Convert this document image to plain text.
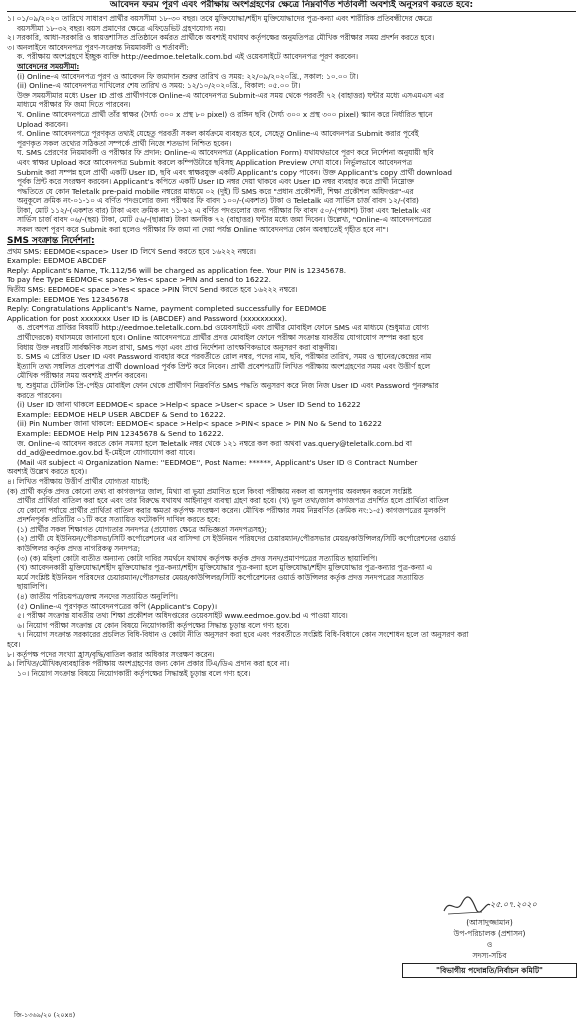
আবেদন ফরম পূরণ এবং পরীক্ষায় অংশগ্রহণের ক্ষেত্রে নিম্নবর্ণিত শর্তাবলী অবশ্যই অনুসরণ করতে হবে:
১। ০১/০৯/২০২০ তারিখে সাধারণ প্রার্থীর বয়সসীমা ১৮-৩০ বছর। তবে মুক্তিযোদ্ধা/শহীদ মুক্তিযোদ্ধাদের পুত্র-কন্যা এবং শারীরিক প্রতিবন্ধীদের ক্ষেত্রে
বয়সসীমা ১৮-৩২ বছর। বয়স প্রমাণের ক্ষেত্রে এফিডেভিট গ্রহণযোগ্য নয়।
২। সরকারি, আধা-সরকারি ও স্বায়ত্তশাসিত প্রতিষ্ঠানে কর্মরত প্রার্থীকে অবশ্যই যথাযথ কর্তৃপক্ষের অনুমতিপত্র মৌখিক পরীক্ষার সময় প্রদর্শন করতে হবে।
৩। অনলাইনে আবেদনপত্র পূরণ-সংক্রান্ত নিয়মাবলী ও শর্তাবলী:
ক. পরীক্ষায় অংশগ্রহণে ইচ্ছুক ব্যক্তি http://eedmoe.teletalk.com.bd এই ওয়েবসাইটে আবেদনপত্র পূরণ করবেন।
আবেদনের সময়সীমা:
(i) Online-এ আবেদনপত্র পূরণ ও আবেদন ফি জমাদান শুরুর তারিখ ও সময়: ২২/০৯/২০২০খ্রি., সকাল: ১০.০০ টা।
(ii) Online-এ আবেদনপত্র দাখিলের শেষ তারিখ ও সময়: ১২/১০/২০২০খ্রি., বিকাল: ০৫.০০ টা।
উক্ত সময়সীমার মধ্যে User ID প্রাপ্ত প্রার্থীগণকে Online-এ আবেদনপত্র Submit-এর সময় থেকে পরবর্তী ৭২ (বাহাত্তর) ঘন্টার মধ্যে এসএমএস এর
মাধ্যমে পরীক্ষার ফি জমা দিতে পারবেন।
খ. Online আবেদনপত্রে প্রার্থী তাঁর স্বাক্ষর (দৈর্ঘ্য ৩০০ x প্রস্থ ৮০ pixel) ও রঙ্গিন ছবি (দৈর্ঘ্য ৩০০ x প্রস্থ ৩০০ pixel) স্ক্যান করে নির্ধারিত স্থানে
Upload করবেন।
গ. Online আবেদনপত্রে পূরণকৃত তথ্যই যেহেতু পরবর্তী সকল কার্যক্রমে ব্যবহৃত হবে, সেহেতু Online-এ আবেদনপত্র Submit করার পূর্বেই
পূরণকৃত সকল তথ্যের সঠিকতা সম্পর্কে প্রার্থী নিজে শতভাগ নিশ্চিত হবেন।
ঘ. SMS প্রেরণের নিয়মাবলী ও পরীক্ষার ফি প্রদান: Online-এ আবেদনপত্র (Application Form) যথাযথভাবে পূরণ করে নির্দেশনা অনুযায়ী ছবি
এবং স্বাক্ষর Upload করে আবেদনপত্র Submit করলে কম্পিউটারে ছবিসহ Application Preview দেখা যাবে। নির্ভুলভাবে আবেদনপত্র
Submit করা সম্পন্ন হলে প্রার্থী একটি User ID, ছবি এবং স্বাক্ষরযুক্ত একটি Applicant's copy পাবেন। উক্ত Applicant's copy প্রার্থী download
পূর্বক প্রিন্ট করে সংরক্ষণ করবেন। Applicant's কপিতে একটি User ID নম্বর দেয়া থাকবে এবং User ID নম্বর ব্যবহার করে প্রার্থী নিম্নোক্ত
পদ্ধতিতে যে কোন Teletalk pre-paid mobile নম্বরের মাধ্যমে ০২ (দুই) টি SMS করে "প্রধান প্রকৌশলী, শিক্ষা প্রকৌশল অধিদপ্তর"-এর
অনুকূলে ক্রমিক নং-০১-১০ এ বর্ণিত পদগুলোর জন্য পরীক্ষার ফি বাবদ ১০০/-(একশত) টাকা ও Teletalk এর সার্ভিস চার্জ বাবদ ১২/-(বার)
টাকা, মোট ১১২/-(একশত বার) টাকা এবং ক্রমিক নং ১১-১২ এ বর্ণিত পদগুলোর জন্য পরীক্ষার ফি বাবদ ৫০/-(পঞ্চাশ) টাকা এবং Teletalk এর
সার্ভিস চার্জ বাবদ ০৬/-(ছয়) টাকা, মোট ৫৬/-(ছাপ্পান্ন) টাকা অনধিক ৭২ (বাহাত্তর) ঘন্টার মধ্যে জমা দিবেন। উল্লেখ্য, "Online-এ আবেদনপত্রের
সকল অংশ পূরণ করে Submit করা হলেও পরীক্ষার ফি জমা না দেয়া পর্যন্ত Online আবেদনপত্র কোন অবস্থাতেই গৃহীত হবে না"।
SMS সংক্রান্ত নির্দেশনা:
প্রথম SMS: EEDMOE<space> User ID লিখে Send করতে হবে ১৬২২২ নম্বরে।
Example: EEDMOE ABCDEF
Reply: Applicant's Name, Tk.112/56 will be charged as application fee. Your PIN is 12345678.
To pay fee Type EEDMOE< space >Yes< space >PIN and send to 16222.
দ্বিতীয় SMS: EEDMOE< space >Yes< space >PIN লিখে Send করতে হবে ১৬২২২ নম্বরে।
Example: EEDMOE Yes 12345678
Reply: Congratulations Applicant's Name, payment completed successfully for EEDMOE
Application for post xxxxxxx User ID is (ABCDEF) and Password (xxxxxxxxx).
ঙ. প্রবেশপত্র প্রাপ্তির বিষয়টি http://eedmoe.teletalk.com.bd ওয়েবসাইটে এবং প্রার্থীর মোবাইল ফোনে SMS এর মাধ্যমে (শুধুমাত্র যোগ্য
প্রার্থীদেরকে) যথাসময়ে জানানো হবে। Online আবেদনপত্রে প্রার্থীর প্রদত্ত মোবাইল ফোনে পরীক্ষা সংক্রান্ত যাবতীয় যোগাযোগ সম্পন্ন করা হবে
বিধায় উক্ত নম্বরটি সার্বক্ষণিক সচল রাখা, SMS পড়া এবং প্রাপ্ত নির্দেশনা তাৎক্ষণিকভাবে অনুসরণ করা বাঞ্ছনীয়।
চ. SMS এ প্রেরিত User ID এবং Password ব্যবহার করে পরবর্তীতে রোল নম্বর, পদের নাম, ছবি, পরীক্ষার তারিখ, সময় ও স্থানের/কেন্দ্রের নাম
ইত্যাদি তথ্য সম্বলিত প্রবেশপত্র প্রার্থী download পূর্বক প্রিন্ট করে নিবেন। প্রার্থী প্রবেশপত্রটি লিখিত পরীক্ষায় অংশগ্রহণের সময় এবং উত্তীর্ণ হলে
মৌখিক পরীক্ষার সময় অবশ্যই প্রদর্শন করবেন।
ছ. শুধুমাত্র টেলিটক প্রি-পেইড মোবাইল ফোন থেকে প্রার্থীগণ নিম্নবর্ণিত SMS পদ্ধতি অনুসরণ করে নিজ নিজ User ID এবং Password পুনরুদ্ধার
করতে পারবেন।
(i) User ID জানা থাকলে EEDMOE< space >Help< space >User< space > User ID Send to 16222
Example: EEDMOE HELP USER ABCDEF & Send to 16222.
(ii) Pin Number জানা থাকলে: EEDMOE< space >Help< space >PIN< space > PIN No & Send to 16222
Example: EEDMOE Help PIN 12345678 & Send to 16222.
জ. Online-এ আবেদন করতে কোন সমস্যা হলে Teletalk নম্বর থেকে ১২১ নম্বরে কল করা অথবা vas.query@teletalk.com.bd বা
dd_ad@eedmoe.gov.bd ই-মেইলে যোগাযোগ করা যাবে।
(Mail এর subject এ Organization Name: ''EEDMOE'', Post Name: ******, Applicant's User ID ও Contract Number
অবশ্যই উল্লেখ করতে হবে)।
৪। লিখিত পরীক্ষায় উত্তীর্ণ প্রার্থীর যোগ্যতা যাচাই:
(ক) প্রার্থী কর্তৃক প্রদত্ত কোনো তথ্য বা কাগজপত্র জাল, মিথ্যা বা ভুয়া প্রমাণিত হলে কিংবা পরীক্ষায় নকল বা অসদুপায় অবলম্বন করলে সংশ্লিষ্ট
প্রার্থীর প্রার্থিতা বাতিল করা হবে এবং তার বিরুদ্ধে যথাযথ আইনানুগ ব্যবস্থা গ্রহণ করা হবে। (খ) ভুল তথ্য/জাল কাগজপত্র প্রদর্শিত হলে প্রার্থিতা বাতিল
যে কোনো পর্যায়ে প্রার্থীর প্রার্থিতা বাতিল করার ক্ষমতা কর্তৃপক্ষ সংরক্ষণ করেন। মৌখিক পরীক্ষার সময় নিম্নবর্ণিত (ক্রমিক নং:১-৫) কাগজপত্রের মূলকপি
প্রদর্শনপূর্বক প্রতিটির ০১টি করে সত্যায়িত ফটোকপি দাখিল করতে হবে:
(১) প্রার্থীর সকল শিক্ষাগত যোগ্যতার সনদপত্র (প্রযোজ্য ক্ষেত্রে অভিজ্ঞতা সনদপত্রসহ);
(২) প্রার্থী যে ইউনিয়ন/পৌরসভা/সিটি কর্পোরেশনের এর বাসিন্দা সে ইউনিয়ন পরিষদের চেয়ারম্যান/পৌরসভার মেয়র/কাউন্সিলর/সিটি কর্পোরেশনের ওয়ার্ড
কাউন্সিলর কর্তৃক প্রদত্ত নাগরিকত্ব সনদপত্র;
(৩) (ক) মহিলা কোটা ব্যতীত অন্যান্য কোটা দাবির সমর্থনে যথাযথ কর্তৃপক্ষ কর্তৃক প্রদত্ত সনদ/প্রমাণপত্রের সত্যায়িত ছায়ালিপি।
(খ) আবেদনকারী মুক্তিযোদ্ধা/শহীদ মুক্তিযোদ্ধার পুত্র-কন্যা/শহীদ মুক্তিযোদ্ধার পুত্র-কন্যা হলে মুক্তিযোদ্ধা/শহীদ মুক্তিযোদ্ধার পুত্র-কন্যার পুত্র-কন্যা এ
মর্মে সংশ্লিষ্ট ইউনিয়ন পরিষদের চেয়ারম্যান/পৌরসভার মেয়র/কাউন্সিলর/সিটি কর্পোরেশনের ওয়ার্ড কাউন্সিলর কর্তৃক প্রদত্ত সনদপত্রের সত্যায়িত
ছায়ালিপি।
(৪) জাতীয় পরিচয়পত্র/জন্ম সনদের সত্যায়িত অনুলিপি।
(৫) Online-এ পূরণকৃত আবেদনপত্রের কপি (Applicant's Copy)।
৫। পরীক্ষা সংক্রান্ত যাবতীয় তথ্য শিক্ষা প্রকৌশল অধিদপ্তরের ওয়েবসাইট www.eedmoe.gov.bd এ পাওয়া যাবে।
৬। নিয়োগ পরীক্ষা সংক্রান্ত যে কোন বিষয়ে নিয়োগকারী কর্তৃপক্ষের সিদ্ধান্ত চূড়ান্ত বলে গণ্য হবে।
৭। নিয়োগ সংক্রান্ত সরকারের প্রচলিত বিধি-বিধান ও কোটা নীতি অনুসরণ করা হবে এবং পরবর্তীতে সংশ্লিষ্ট বিধি-বিধানে কোন সংশোধন হলে তা অনুসরণ করা
হবে।
৮। কর্তৃপক্ষ পদের সংখ্যা হ্রাস/বৃদ্ধি/বাতিল করার অধিকার সংরক্ষণ করেন।
৯। লিখিত/মৌখিক/ব্যবহারিক পরীক্ষায় অংশগ্রহণের জন্য কোন প্রকার টিএ/ডিএ প্রদান করা হবে না।
১০। নিয়োগ সংক্রান্ত বিষয়ে নিয়োগকারী কর্তৃপক্ষের সিদ্ধান্তই চূড়ান্ত বলে গণ্য হবে।
২৫.০৭.২০২০
(আসাদুজ্জামান)
উপ-পরিচালক (প্রশাসন)
ও
সদস্য-সচিব
"বিভাগীয় পদোন্নতি/নির্বাচন কমিটি"
জি-১৩৬৯/২০ (২০x৪)
